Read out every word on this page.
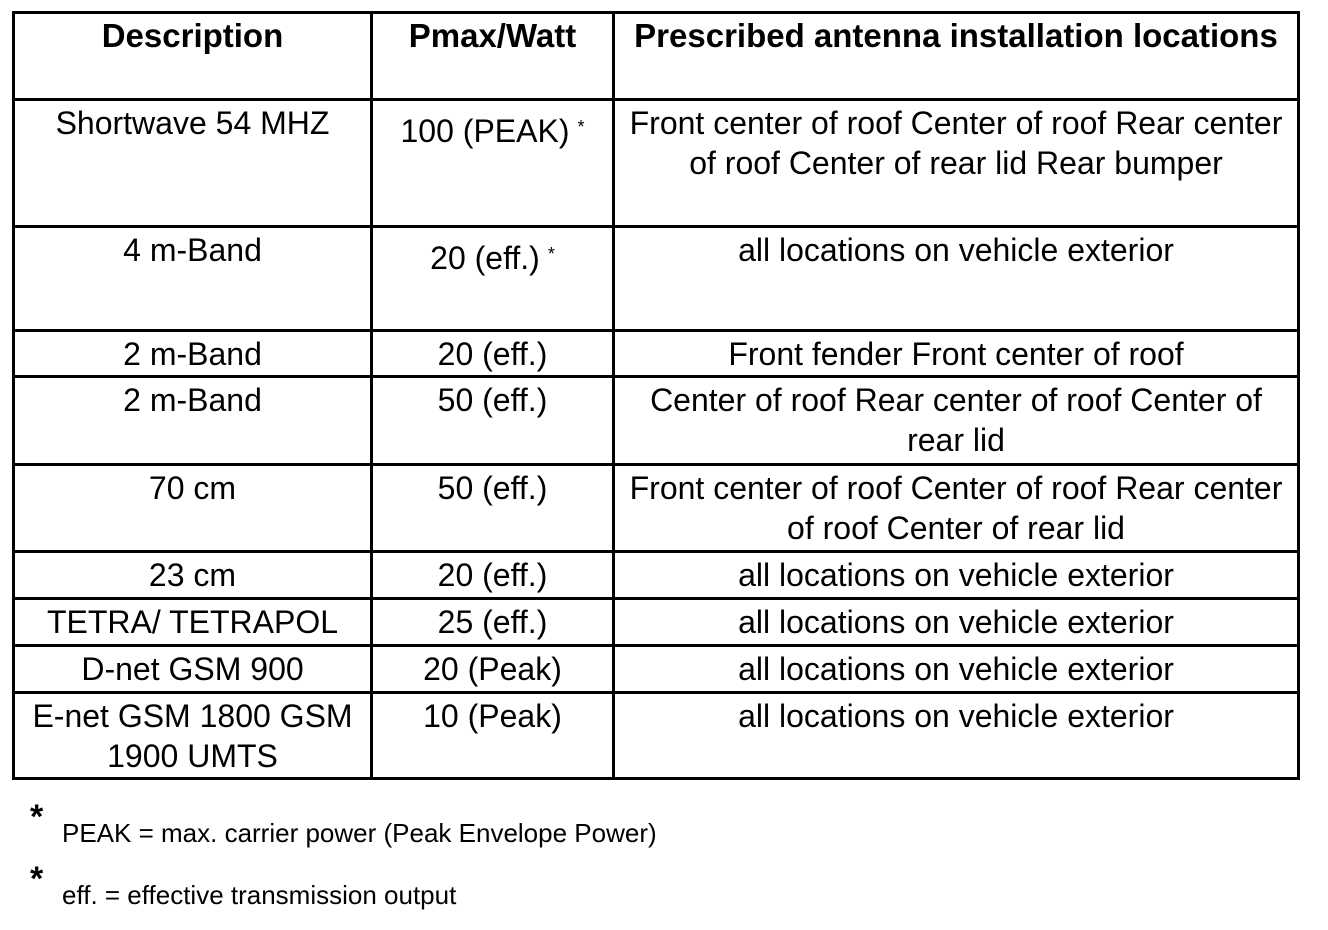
Description	Pmax/Watt	Prescribed antenna installation locations
Shortwave 54 MHZ	100 (PEAK) *	Front center of roof Center of roof Rear center of roof Center of rear lid Rear bumper
4 m-Band	20 (eff.) *	all locations on vehicle exterior
2 m-Band	20 (eff.)	Front fender Front center of roof
2 m-Band	50 (eff.)	Center of roof Rear center of roof Center of rear lid
70 cm	50 (eff.)	Front center of roof Center of roof Rear center of roof Center of rear lid
23 cm	20 (eff.)	all locations on vehicle exterior
TETRA/ TETRAPOL	25 (eff.)	all locations on vehicle exterior
D-net GSM 900	20 (Peak)	all locations on vehicle exterior
E-net GSM 1800 GSM 1900 UMTS	10 (Peak)	all locations on vehicle exterior
* PEAK = max. carrier power (Peak Envelope Power)
* eff. = effective transmission output
